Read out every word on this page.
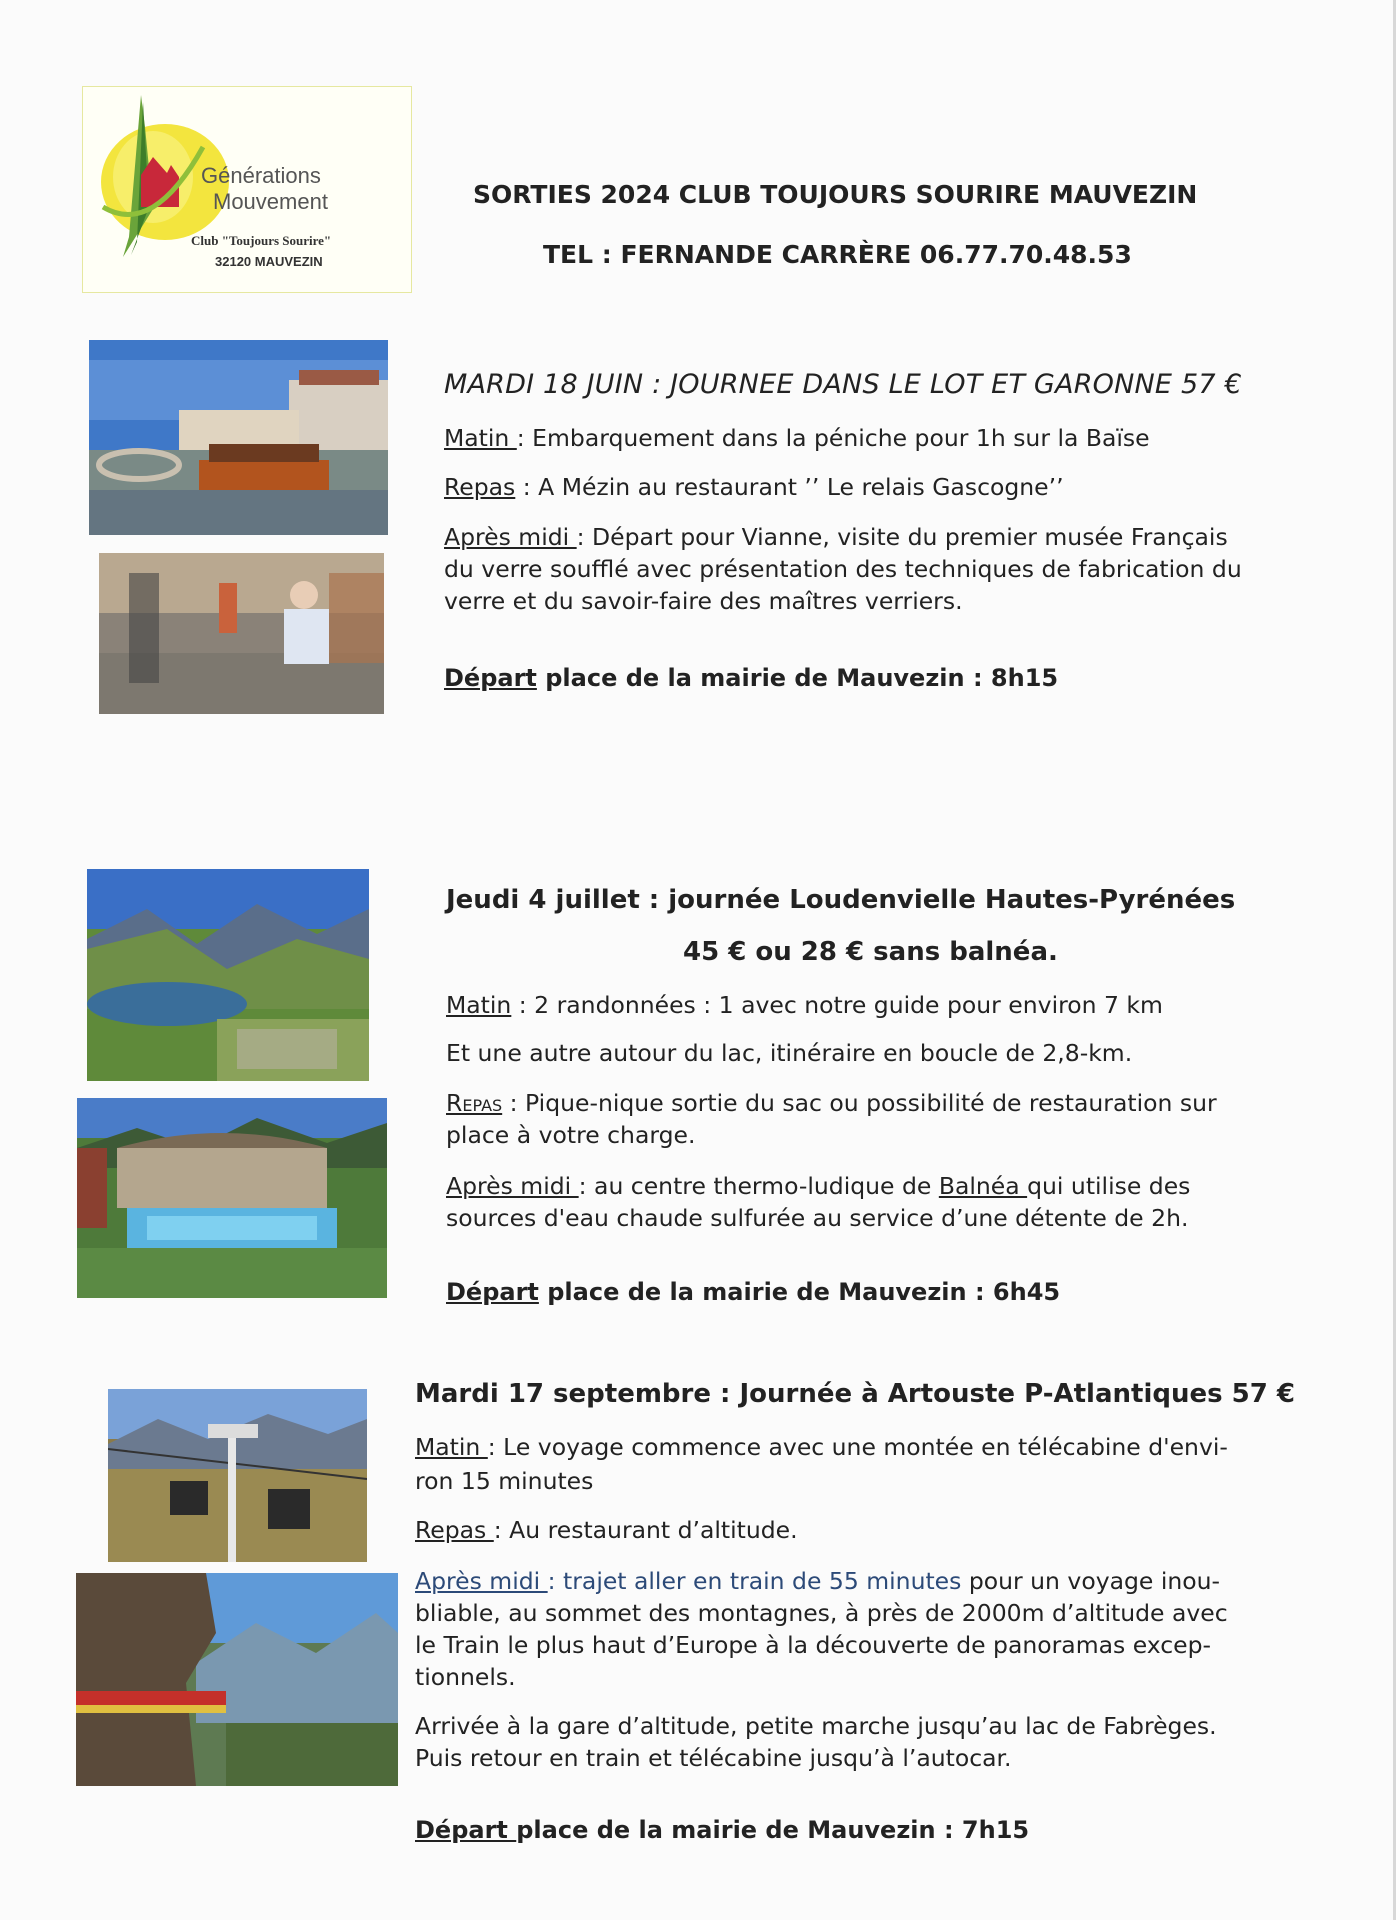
Générations
Mouvement
Club "Toujours Sourire"
32120 MAUVEZIN
SORTIES 2024 CLUB TOUJOURS SOURIRE MAUVEZIN
TEL : FERNANDE CARRÈRE 06.77.70.48.53
MARDI 18 JUIN : JOURNEE DANS LE LOT ET GARONNE 57 €
Matin : Embarquement dans la péniche pour 1h sur la Baïse
Repas : A Mézin au restaurant ’’ Le relais Gascogne’’
Après midi : Départ pour Vianne, visite du premier musée Français
du verre soufflé avec présentation des techniques de fabrication du
verre et du savoir-faire des maîtres verriers.
Départ place de la mairie de Mauvezin : 8h15
Jeudi 4 juillet : journée Loudenvielle Hautes-Pyrénées
45 € ou 28 € sans balnéa.
Matin : 2 randonnées : 1 avec notre guide pour environ 7 km
Et une autre autour du lac, itinéraire en boucle de 2,8-km.
Repas : Pique-nique sortie du sac ou possibilité de restauration sur
place à votre charge.
Après midi : au centre thermo-ludique de Balnéa qui utilise des
sources d'eau chaude sulfurée au service d’une détente de 2h.
Départ place de la mairie de Mauvezin : 6h45
Mardi 17 septembre : Journée à Artouste P-Atlantiques 57 €
Matin : Le voyage commence avec une montée en télécabine d'envi-
ron 15 minutes
Repas : Au restaurant d’altitude.
Après midi : trajet aller en train de 55 minutes pour un voyage inou-
bliable, au sommet des montagnes, à près de 2000m d’altitude avec
le Train le plus haut d’Europe à la découverte de panoramas excep-
tionnels.
Arrivée à la gare d’altitude, petite marche jusqu’au lac de Fabrèges.
Puis retour en train et télécabine jusqu’à l’autocar.
Départ place de la mairie de Mauvezin : 7h15
